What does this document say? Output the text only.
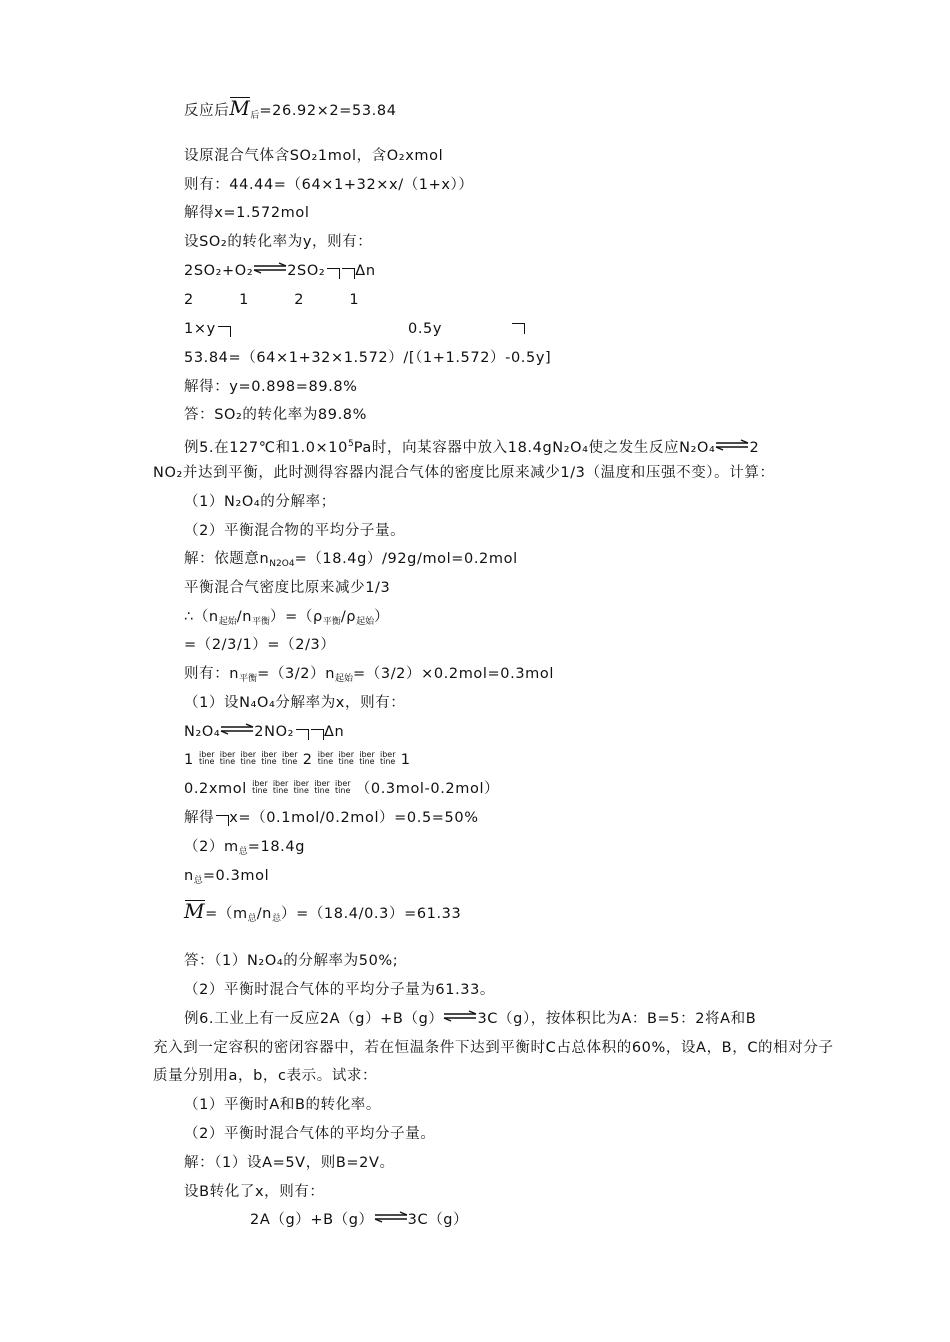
反应后$M_后=26.92\times 2=53.84$
设原混合气体含SO₂1mol，含O₂xmol
则有：44.44=（64×1+32×x/（1+x））
解得x=1.572mol
设SO₂的转化率为y，则有：
2SO₂+O₂ 2SO₂ Δn
2　　　1　　　2　　　1
1×y	0.5y
53.84=（64×1+32×1.572）/[（1+1.572）-0.5y]
解得：y=0.898=89.8%
答：SO₂的转化率为89.8%
例5.在127℃和$1.0\times 10^5Pa$时，向某容器中放入18.4gN₂O₄使之发生反应N₂O₄ 2
NO₂并达到平衡，此时测得容器内混合气体的密度比原来减少1/3（温度和压强不变）。计算：
（1）N₂O₄的分解率；
（2）平衡混合物的平均分子量。
解：依题意$n_{N2O4}=(18.4g)/92g/mol=0.2mol$
平衡混合气密度比原来减少1/3
$\therefore(n_{起始}/n_{平衡})=(\rho_{平衡}/\rho_{起始})$
=（2/3/1）=（2/3）
则有：$n_{平衡}=(3/2)n_{起始}=(3/2)\times 0.2mol=0.3mol$
（1）设N₄O₄分解率为x，则有：
N₂O₄ 2NO₂ Δn
1 iber
tine iber
tine iber
tine iber
tine iber
tine 2 iber
tine iber
tine iber
tine iber
tine 1
0.2xmol iber
tine iber
tine iber
tine iber
tine iber
tine （0.3mol-0.2mol）
解得 x=（0.1mol/0.2mol）=0.5=50%
$(2)m_总=18.4g$
$n_总=0.3mol$
$M=(m_总/n_总)=(18.4/0.3)=61.33$
答：（1）N₂O₄的分解率为50%;
（2）平衡时混合气体的平均分子量为61.33。
例6.工业上有一反应2A（g）+B（g） 3C（g），按体积比为A：B=5：2将A和B
充入到一定容积的密闭容器中，若在恒温条件下达到平衡时C占总体积的60%，设A，B，C的相对分子
质量分别用a，b，c表示。试求：
（1）平衡时A和B的转化率。
（2）平衡时混合气体的平均分子量。
解：（1）设A=5V，则B=2V。
设B转化了x，则有：
2A（g）+B（g） 3C（g）
